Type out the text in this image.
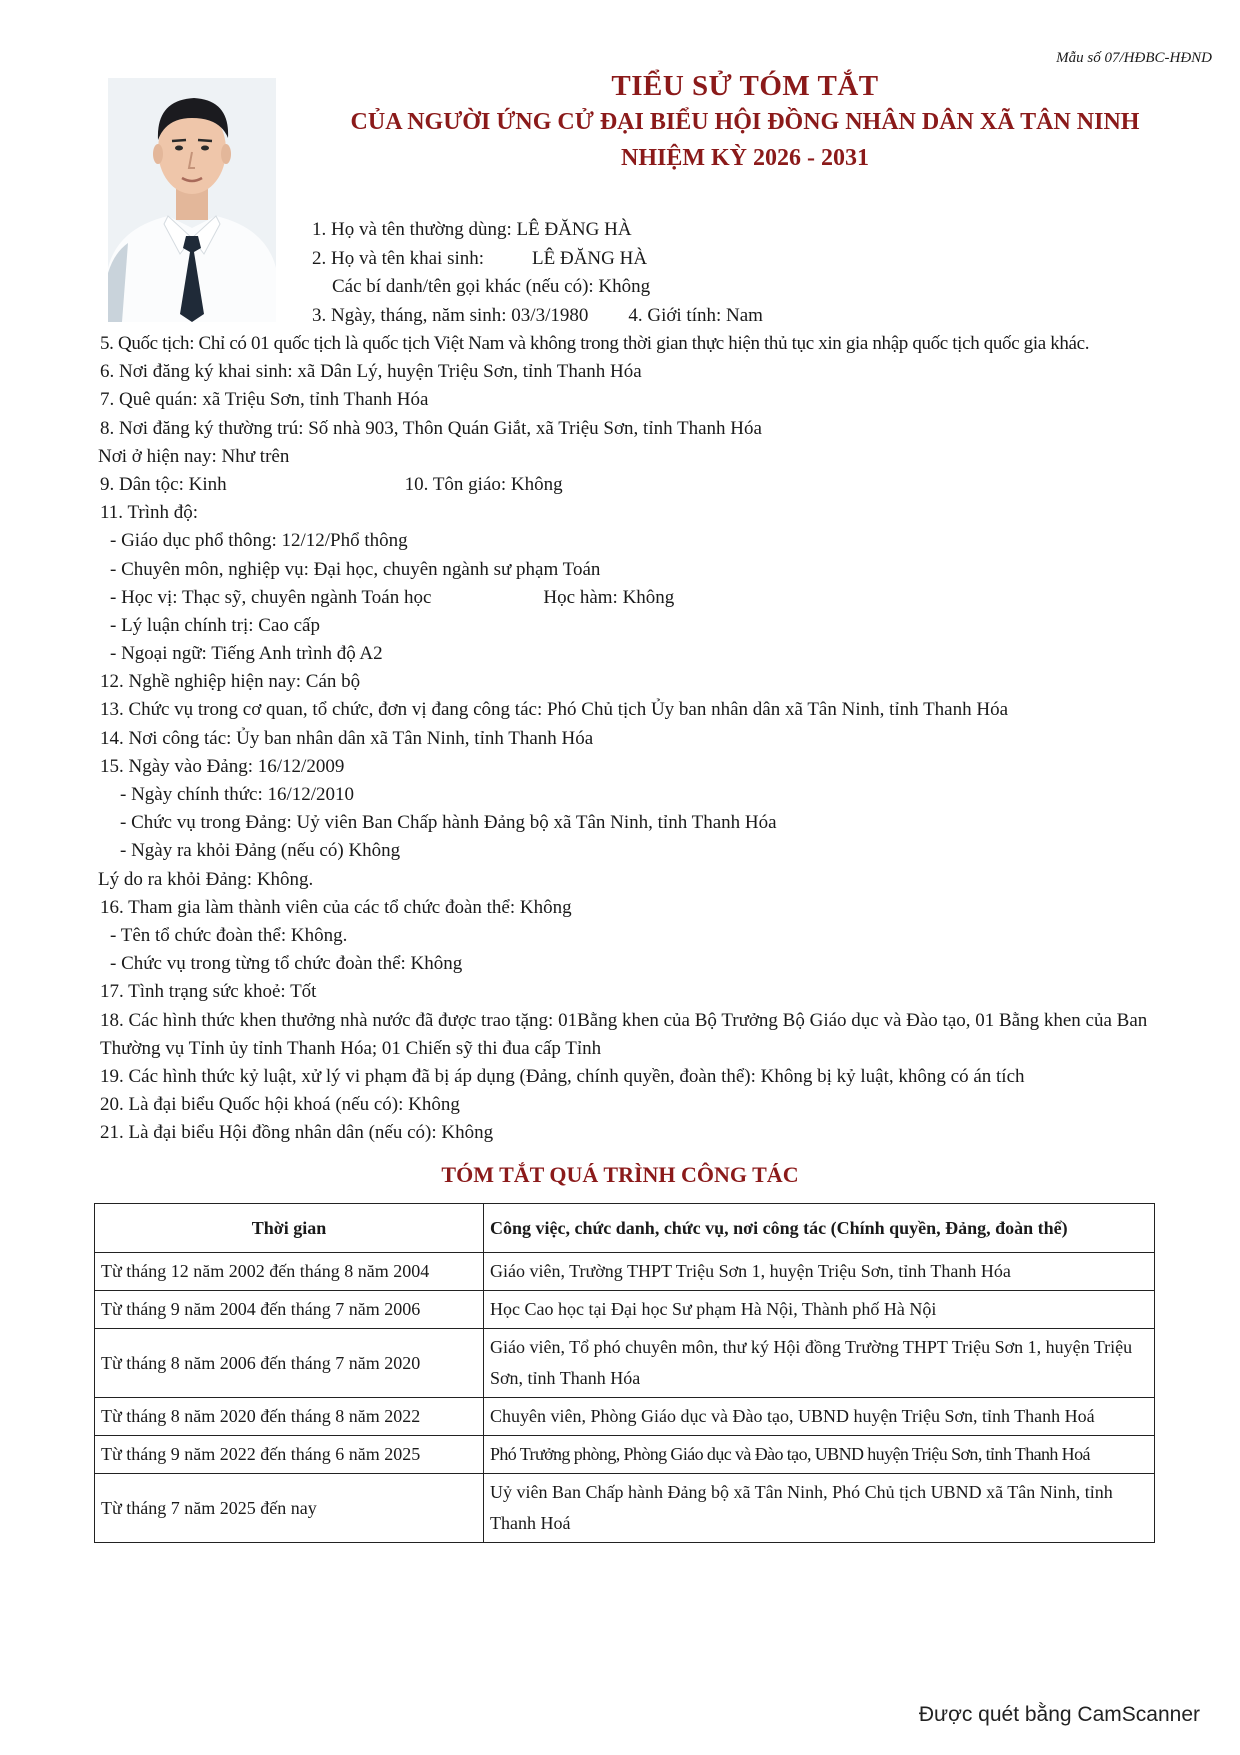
Mẫu số 07/HĐBC-HĐND
TIỂU SỬ TÓM TẮT
CỦA NGƯỜI ỨNG CỬ ĐẠI BIỂU HỘI ĐỒNG NHÂN DÂN XÃ TÂN NINH
NHIỆM KỲ 2026 - 2031
1. Họ và tên thường dùng: LÊ ĐĂNG HÀ
2. Họ và tên khai sinh:	LÊ ĐĂNG HÀ
Các bí danh/tên gọi khác (nếu có): Không
3. Ngày, tháng, năm sinh: 03/3/1980 4. Giới tính: Nam
5. Quốc tịch: Chỉ có 01 quốc tịch là quốc tịch Việt Nam và không trong thời gian thực hiện thủ tục xin gia nhập quốc tịch quốc gia khác.
6. Nơi đăng ký khai sinh: xã Dân Lý, huyện Triệu Sơn, tỉnh Thanh Hóa
7. Quê quán: xã Triệu Sơn, tỉnh Thanh Hóa
8. Nơi đăng ký thường trú: Số nhà 903, Thôn Quán Giắt, xã Triệu Sơn, tỉnh Thanh Hóa
Nơi ở hiện nay: Như trên
9. Dân tộc: Kinh	10. Tôn giáo: Không
11. Trình độ:
- Giáo dục phổ thông: 12/12/Phổ thông
- Chuyên môn, nghiệp vụ: Đại học, chuyên ngành sư phạm Toán
- Học vị: Thạc sỹ, chuyên ngành Toán học	Học hàm: Không
- Lý luận chính trị: Cao cấp
- Ngoại ngữ: Tiếng Anh trình độ A2
12. Nghề nghiệp hiện nay: Cán bộ
13. Chức vụ trong cơ quan, tổ chức, đơn vị đang công tác: Phó Chủ tịch Ủy ban nhân dân xã Tân Ninh, tỉnh Thanh Hóa
14. Nơi công tác: Ủy ban nhân dân xã Tân Ninh, tỉnh Thanh Hóa
15. Ngày vào Đảng: 16/12/2009
- Ngày chính thức: 16/12/2010
- Chức vụ trong Đảng: Uỷ viên Ban Chấp hành Đảng bộ xã Tân Ninh, tỉnh Thanh Hóa
- Ngày ra khỏi Đảng (nếu có) Không
Lý do ra khỏi Đảng: Không.
16. Tham gia làm thành viên của các tổ chức đoàn thể: Không
- Tên tổ chức đoàn thể: Không.
- Chức vụ trong từng tổ chức đoàn thể: Không
17. Tình trạng sức khoẻ: Tốt
18. Các hình thức khen thưởng nhà nước đã được trao tặng: 01Bằng khen của Bộ Trưởng Bộ Giáo dục và Đào tạo, 01 Bằng khen của Ban Thường vụ Tỉnh ủy tỉnh Thanh Hóa; 01 Chiến sỹ thi đua cấp Tỉnh
19. Các hình thức kỷ luật, xử lý vi phạm đã bị áp dụng (Đảng, chính quyền, đoàn thể): Không bị kỷ luật, không có án tích
20. Là đại biểu Quốc hội khoá (nếu có): Không
21. Là đại biểu Hội đồng nhân dân (nếu có): Không
TÓM TẮT QUÁ TRÌNH CÔNG TÁC
Thời gian	Công việc, chức danh, chức vụ, nơi công tác (Chính quyền, Đảng, đoàn thể)
Từ tháng 12 năm 2002 đến tháng 8 năm 2004	Giáo viên, Trường THPT Triệu Sơn 1, huyện Triệu Sơn, tỉnh Thanh Hóa
Từ tháng 9 năm 2004 đến tháng 7 năm 2006	Học Cao học tại Đại học Sư phạm Hà Nội, Thành phố Hà Nội
Từ tháng 8 năm 2006 đến tháng 7 năm 2020	Giáo viên, Tổ phó chuyên môn, thư ký Hội đồng Trường THPT Triệu Sơn 1, huyện Triệu Sơn, tỉnh Thanh Hóa
Từ tháng 8 năm 2020 đến tháng 8 năm 2022	Chuyên viên, Phòng Giáo dục và Đào tạo, UBND huyện Triệu Sơn, tỉnh Thanh Hoá
Từ tháng 9 năm 2022 đến tháng 6 năm 2025	Phó Trưởng phòng, Phòng Giáo dục và Đào tạo, UBND huyện Triệu Sơn, tỉnh Thanh Hoá
Từ tháng 7 năm 2025 đến nay	Uỷ viên Ban Chấp hành Đảng bộ xã Tân Ninh, Phó Chủ tịch UBND xã Tân Ninh, tỉnh Thanh Hoá
Được quét bằng CamScanner
